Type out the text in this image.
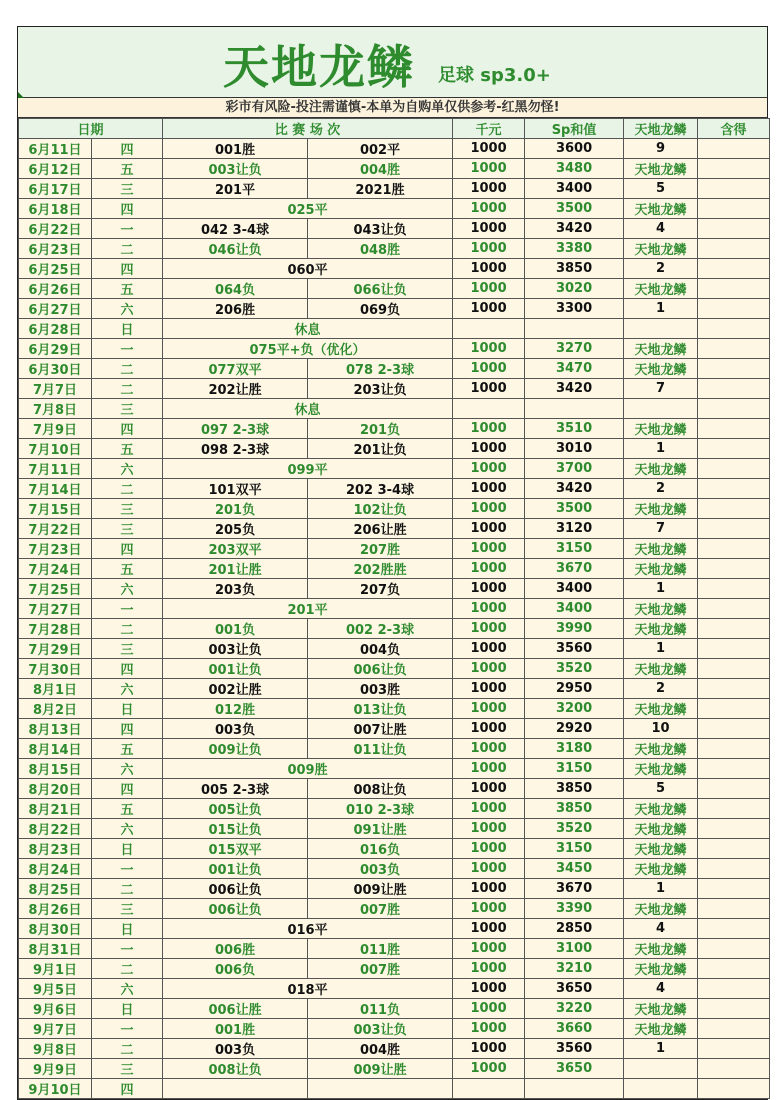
天地龙鳞 足球 sp3.0+
彩市有风险-投注需谨慎-本单为自购单仅供参考-红黑勿怪!
日期		比 赛 场 次		千元	Sp和值	天地龙鳞	含得
6月11日	四	001胜	002平	1000	3600	9	
6月12日	五	003让负	004胜	1000	3480	天地龙鳞	
6月17日	三	201平	2021胜	1000	3400	5	
6月18日	四	025平		1000	3500	天地龙鳞	
6月22日	一	042 3-4球	043让负	1000	3420	4	
6月23日	二	046让负	048胜	1000	3380	天地龙鳞	
6月25日	四	060平		1000	3850	2	
6月26日	五	064负	066让负	1000	3020	天地龙鳞	
6月27日	六	206胜	069负	1000	3300	1	
6月28日	日	休息					
6月29日	一	075平+负（优化）		1000	3270	天地龙鳞	
6月30日	二	077双平	078 2-3球	1000	3470	天地龙鳞	
7月7日	二	202让胜	203让负	1000	3420	7	
7月8日	三	休息					
7月9日	四	097 2-3球	201负	1000	3510	天地龙鳞	
7月10日	五	098 2-3球	201让负	1000	3010	1	
7月11日	六	099平		1000	3700	天地龙鳞	
7月14日	二	101双平	202 3-4球	1000	3420	2	
7月15日	三	201负	102让负	1000	3500	天地龙鳞	
7月22日	三	205负	206让胜	1000	3120	7	
7月23日	四	203双平	207胜	1000	3150	天地龙鳞	
7月24日	五	201让胜	202胜胜	1000	3670	天地龙鳞	
7月25日	六	203负	207负	1000	3400	1	
7月27日	一	201平		1000	3400	天地龙鳞	
7月28日	二	001负	002 2-3球	1000	3990	天地龙鳞	
7月29日	三	003让负	004负	1000	3560	1	
7月30日	四	001让负	006让负	1000	3520	天地龙鳞	
8月1日	六	002让胜	003胜	1000	2950	2	
8月2日	日	012胜	013让负	1000	3200	天地龙鳞	
8月13日	四	003负	007让胜	1000	2920	10	
8月14日	五	009让负	011让负	1000	3180	天地龙鳞	
8月15日	六	009胜		1000	3150	天地龙鳞	
8月20日	四	005 2-3球	008让负	1000	3850	5	
8月21日	五	005让负	010 2-3球	1000	3850	天地龙鳞	
8月22日	六	015让负	091让胜	1000	3520	天地龙鳞	
8月23日	日	015双平	016负	1000	3150	天地龙鳞	
8月24日	一	001让负	003负	1000	3450	天地龙鳞	
8月25日	二	006让负	009让胜	1000	3670	1	
8月26日	三	006让负	007胜	1000	3390	天地龙鳞	
8月30日	日	016平		1000	2850	4	
8月31日	一	006胜	011胜	1000	3100	天地龙鳞	
9月1日	二	006负	007胜	1000	3210	天地龙鳞	
9月5日	六	018平		1000	3650	4	
9月6日	日	006让胜	011负	1000	3220	天地龙鳞	
9月7日	一	001胜	003让负	1000	3660	天地龙鳞	
9月8日	二	003负	004胜	1000	3560	1	
9月9日	三	008让负	009让胜	1000	3650		
9月10日	四						
